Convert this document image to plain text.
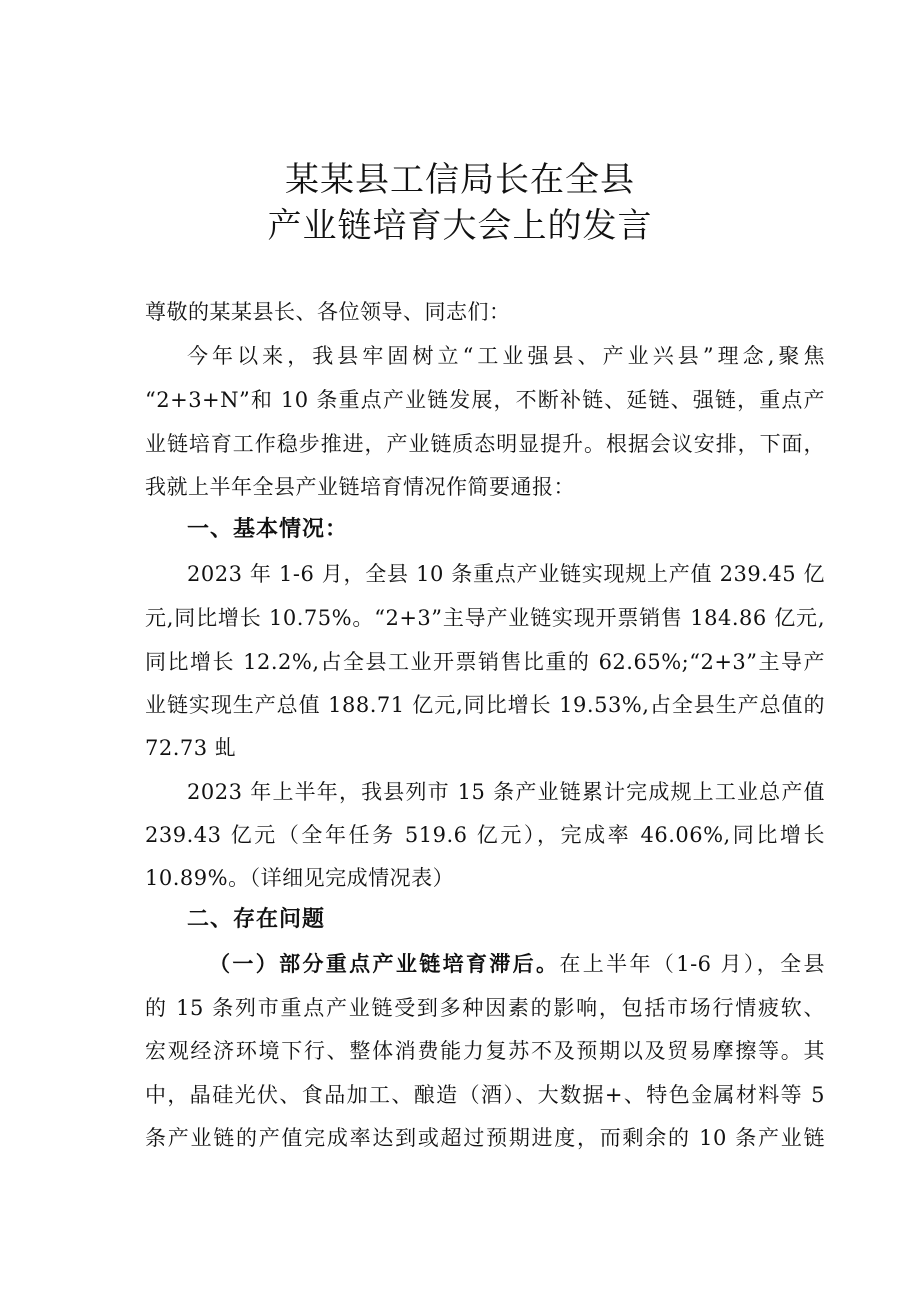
某某县工信局长在全县
产业链培育大会上的发言
尊敬的某某县长、各位领导、同志们：
今年以来，我县牢固树立“工业强县、产业兴县”理念,聚焦
“2+3+N”和 10 条重点产业链发展，不断补链、延链、强链，重点产
业链培育工作稳步推进，产业链质态明显提升。根据会议安排，下面，
我就上半年全县产业链培育情况作简要通报：
一、基本情况：
2023 年 1-6 月，全县 10 条重点产业链实现规上产值 239.45 亿
元,同比增长 10.75%。“2+3”主导产业链实现开票销售 184.86 亿元,
同比增长 12.2%,占全县工业开票销售比重的 62.65%;“2+3”主导产
业链实现生产总值 188.71 亿元,同比增长 19.53%,占全县生产总值的
72.73 虬
2023 年上半年，我县列市 15 条产业链累计完成规上工业总产值
239.43 亿元（全年任务 519.6 亿元），完成率 46.06%,同比增长
10.89%。（详细见完成情况表）
二、存在问题
（一）部分重点产业链培育滞后。在上半年（1-6 月），全县
的 15 条列市重点产业链受到多种因素的影响，包括市场行情疲软、
宏观经济环境下行、整体消费能力复苏不及预期以及贸易摩擦等。其
中，晶硅光伏、食品加工、酿造（酒）、大数据+、特色金属材料等 5
条产业链的产值完成率达到或超过预期进度，而剩余的 10 条产业链
